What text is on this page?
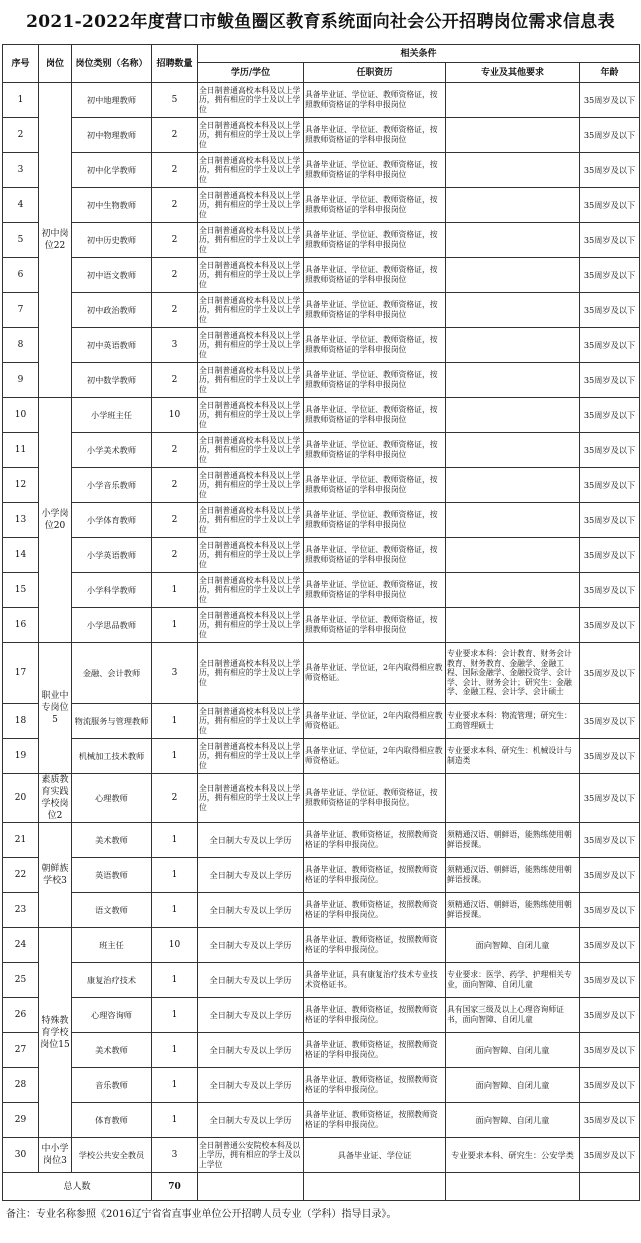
2021-2022年度营口市鲅鱼圈区教育系统面向社会公开招聘岗位需求信息表
序号	岗位	岗位类别（名称）	招聘数量	相关条件			
				学历/学位	任职资历	专业及其他要求	年龄
1	初中岗位22	初中地理教师	5	全日制普通高校本科及以上学历，拥有相应的学士及以上学位	具备毕业证、学位证、教师资格证，按照教师资格证的学科申报岗位		35周岁及以下
2		初中物理教师	2	全日制普通高校本科及以上学历，拥有相应的学士及以上学位	具备毕业证、学位证、教师资格证，按照教师资格证的学科申报岗位		35周岁及以下
3		初中化学教师	2	全日制普通高校本科及以上学历，拥有相应的学士及以上学位	具备毕业证、学位证、教师资格证，按照教师资格证的学科申报岗位		35周岁及以下
4		初中生物教师	2	全日制普通高校本科及以上学历，拥有相应的学士及以上学位	具备毕业证、学位证、教师资格证，按照教师资格证的学科申报岗位		35周岁及以下
5		初中历史教师	2	全日制普通高校本科及以上学历，拥有相应的学士及以上学位	具备毕业证、学位证、教师资格证，按照教师资格证的学科申报岗位		35周岁及以下
6		初中语文教师	2	全日制普通高校本科及以上学历，拥有相应的学士及以上学位	具备毕业证、学位证、教师资格证，按照教师资格证的学科申报岗位		35周岁及以下
7		初中政治教师	2	全日制普通高校本科及以上学历，拥有相应的学士及以上学位	具备毕业证、学位证、教师资格证，按照教师资格证的学科申报岗位		35周岁及以下
8		初中英语教师	3	全日制普通高校本科及以上学历，拥有相应的学士及以上学位	具备毕业证、学位证、教师资格证，按照教师资格证的学科申报岗位		35周岁及以下
9		初中数学教师	2	全日制普通高校本科及以上学历，拥有相应的学士及以上学位	具备毕业证、学位证、教师资格证，按照教师资格证的学科申报岗位		35周岁及以下
10	小学岗位20	小学班主任	10	全日制普通高校本科及以上学历，拥有相应的学士及以上学位	具备毕业证、学位证、教师资格证，按照教师资格证的学科申报岗位		35周岁及以下
11		小学美术教师	2	全日制普通高校本科及以上学历，拥有相应的学士及以上学位	具备毕业证、学位证、教师资格证，按照教师资格证的学科申报岗位		35周岁及以下
12		小学音乐教师	2	全日制普通高校本科及以上学历，拥有相应的学士及以上学位	具备毕业证、学位证、教师资格证，按照教师资格证的学科申报岗位		35周岁及以下
13		小学体育教师	2	全日制普通高校本科及以上学历，拥有相应的学士及以上学位	具备毕业证、学位证、教师资格证，按照教师资格证的学科申报岗位		35周岁及以下
14		小学英语教师	2	全日制普通高校本科及以上学历，拥有相应的学士及以上学位	具备毕业证、学位证、教师资格证，按照教师资格证的学科申报岗位		35周岁及以下
15		小学科学教师	1	全日制普通高校本科及以上学历，拥有相应的学士及以上学位	具备毕业证、学位证、教师资格证，按照教师资格证的学科申报岗位		35周岁及以下
16		小学思品教师	1	全日制普通高校本科及以上学历，拥有相应的学士及以上学位	具备毕业证、学位证、教师资格证，按照教师资格证的学科申报岗位		35周岁及以下
17	职业中专岗位5	金融、会计教师	3	全日制普通高校本科及以上学历，拥有相应的学士及以上学位	具备毕业证、学位证，2年内取得相应教师资格证。	专业要求本科：会计教育、财务会计教育、财务教育、金融学、金融工程、国际金融学、金融投资学、会计学、会计、财务会计；研究生：金融学、金融工程、会计学、会计硕士	35周岁及以下
18		物流服务与管理教师	1	全日制普通高校本科及以上学历，拥有相应的学士及以上学位	具备毕业证、学位证，2年内取得相应教师资格证。	专业要求本科：物流管理；研究生：工商管理硕士	35周岁及以下
19		机械加工技术教师	1	全日制普通高校本科及以上学历，拥有相应的学士及以上学位	具备毕业证、学位证，2年内取得相应教师资格证。	专业要求本科、研究生：机械设计与制造类	35周岁及以下
20	素质教育实践学校岗位2	心理教师	2	全日制普通高校本科及以上学历，拥有相应的学士及以上学位	具备毕业证、学位证、教师资格证，按照教师资格证的学科申报岗位。		35周岁及以下
21	朝鲜族学校3	美术教师	1	全日制大专及以上学历	具备毕业证、教师资格证，按照教师资格证的学科申报岗位。	须精通汉语、朝鲜语，能熟练使用朝鲜语授课。	35周岁及以下
22		英语教师	1	全日制大专及以上学历	具备毕业证、教师资格证，按照教师资格证的学科申报岗位。	须精通汉语、朝鲜语，能熟练使用朝鲜语授课。	35周岁及以下
23		语文教师	1	全日制大专及以上学历	具备毕业证、教师资格证，按照教师资格证的学科申报岗位。	须精通汉语、朝鲜语，能熟练使用朝鲜语授课。	35周岁及以下
24	特殊教育学校岗位15	班主任	10	全日制大专及以上学历	具备毕业证、教师资格证，按照教师资格证的学科申报岗位。	面向智障、自闭儿童	35周岁及以下
25		康复治疗技术	1	全日制大专及以上学历	具备毕业证，具有康复治疗技术专业技术资格证书。	专业要求：医学、药学、护理相关专业，面向智障、自闭儿童	35周岁及以下
26		心理咨询师	1	全日制大专及以上学历	具备毕业证、教师资格证，按照教师资格证的学科申报岗位。	具有国家三级及以上心理咨询师证书，面向智障、自闭儿童	35周岁及以下
27		美术教师	1	全日制大专及以上学历	具备毕业证、教师资格证，按照教师资格证的学科申报岗位。	面向智障、自闭儿童	35周岁及以下
28		音乐教师	1	全日制大专及以上学历	具备毕业证、教师资格证，按照教师资格证的学科申报岗位。	面向智障、自闭儿童	35周岁及以下
29		体育教师	1	全日制大专及以上学历	具备毕业证、教师资格证，按照教师资格证的学科申报岗位。	面向智障、自闭儿童	35周岁及以下
30	中小学岗位3	学校公共安全教员	3	全日制普通公安院校本科及以上学历，拥有相应的学士及以上学位	具备毕业证、学位证	专业要求本科、研究生：公安学类	35周岁及以下
总人数			70				
备注：专业名称参照《2016辽宁省省直事业单位公开招聘人员专业（学科）指导目录》。
